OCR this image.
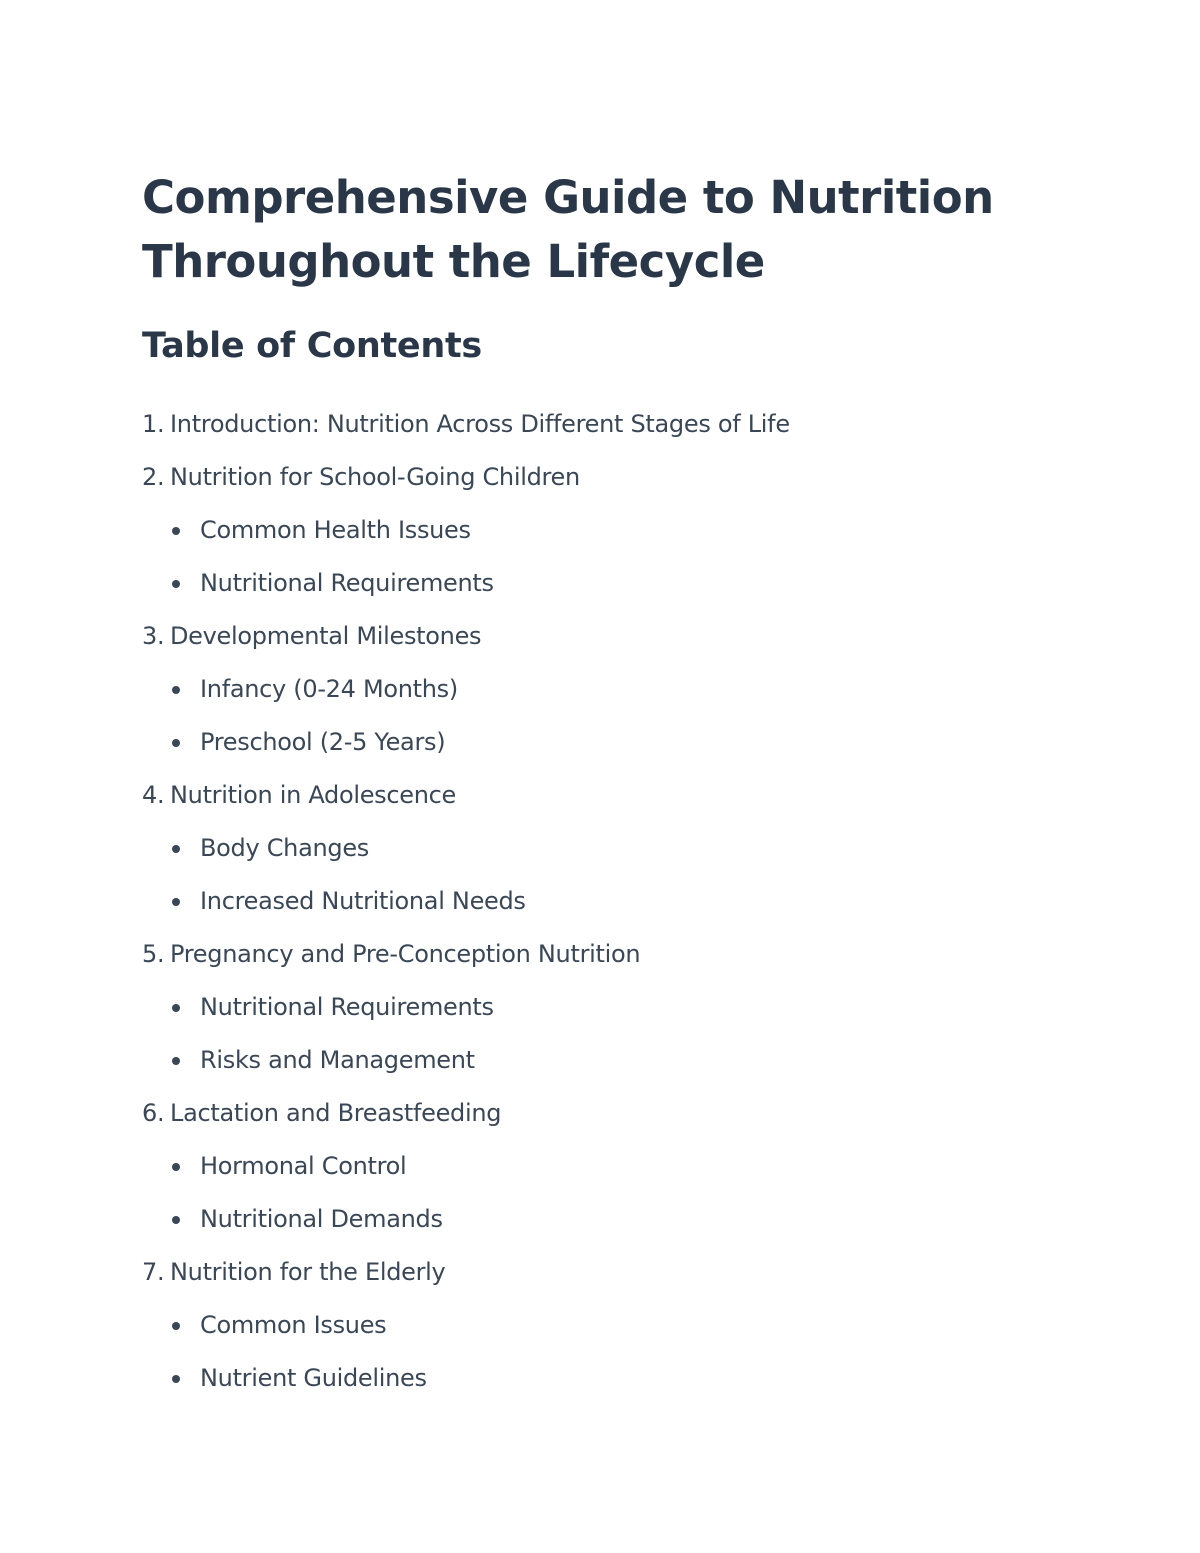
Comprehensive Guide to Nutrition
Throughout the Lifecycle
Table of Contents
1. Introduction: Nutrition Across Different Stages of Life
2. Nutrition for School-Going Children
Common Health Issues
Nutritional Requirements
3. Developmental Milestones
Infancy (0-24 Months)
Preschool (2-5 Years)
4. Nutrition in Adolescence
Body Changes
Increased Nutritional Needs
5. Pregnancy and Pre-Conception Nutrition
Nutritional Requirements
Risks and Management
6. Lactation and Breastfeeding
Hormonal Control
Nutritional Demands
7. Nutrition for the Elderly
Common Issues
Nutrient Guidelines
